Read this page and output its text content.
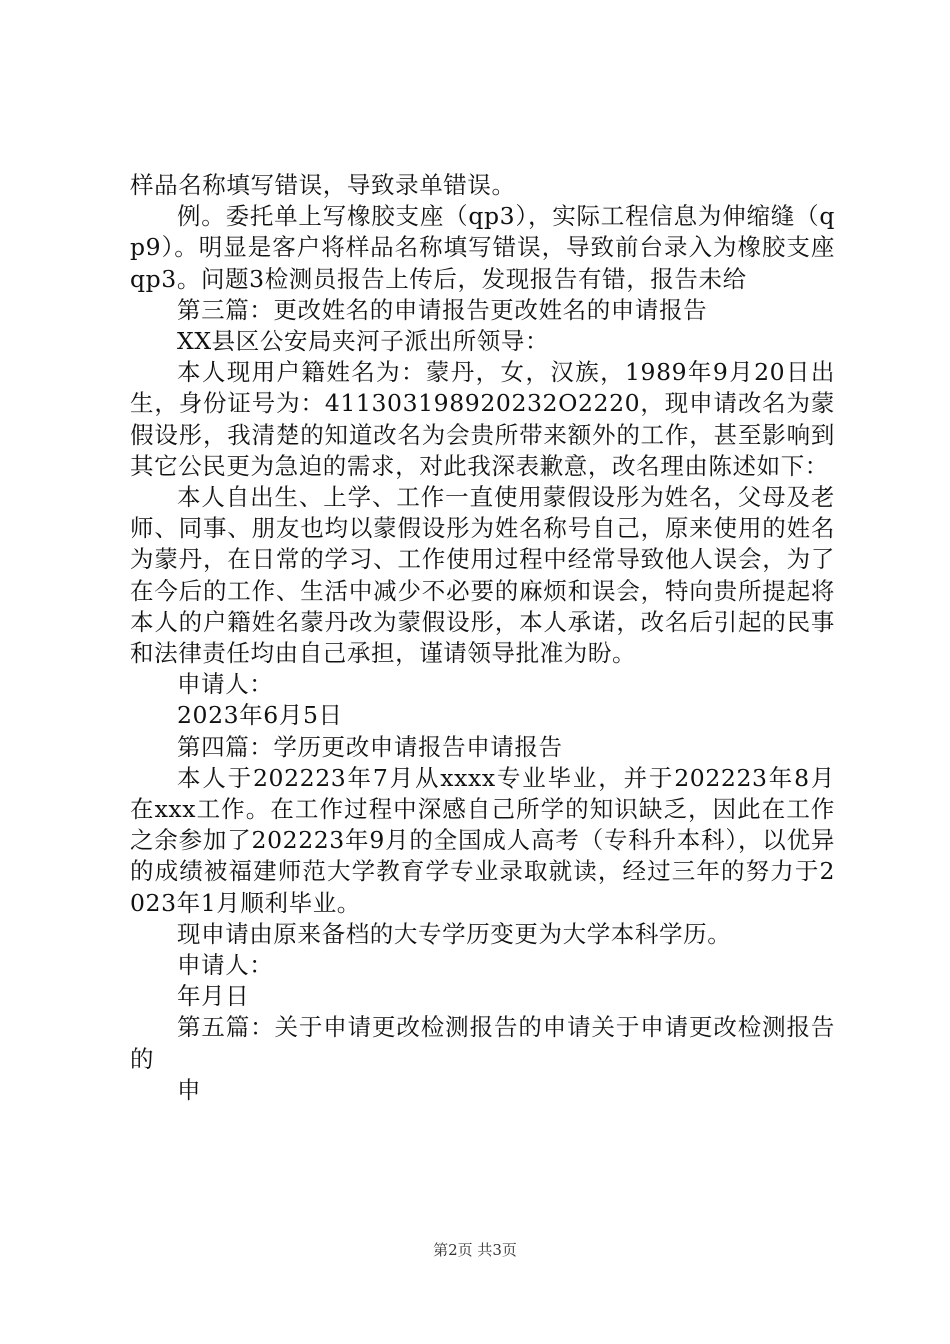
样品名称填写错误，导致录单错误。

例。委托单上写橡胶支座（qp3），实际工程信息为伸缩缝（qp9）。明显是客户将样品名称填写错误，导致前台录入为橡胶支座qp3。问题3检测员报告上传后，发现报告有错，报告未给

第三篇：更改姓名的申请报告更改姓名的申请报告

XX县区公安局夹河子派出所领导：

本人现用户籍姓名为：蒙丹，女，汉族，1989年9月20日出生，身份证号为：411303198920232О2220，现申请改名为蒙假设彤，我清楚的知道改名为会贵所带来额外的工作，甚至影响到其它公民更为急迫的需求，对此我深表歉意，改名理由陈述如下：

本人自出生、上学、工作一直使用蒙假设彤为姓名，父母及老师、同事、朋友也均以蒙假设彤为姓名称号自己，原来使用的姓名为蒙丹，在日常的学习、工作使用过程中经常导致他人误会，为了在今后的工作、生活中减少不必要的麻烦和误会，特向贵所提起将本人的户籍姓名蒙丹改为蒙假设彤，本人承诺，改名后引起的民事和法律责任均由自己承担，谨请领导批准为盼。

申请人：

2023年6月5日

第四篇：学历更改申请报告申请报告

本人于202223年7月从xxxx专业毕业，并于202223年8月在xxx工作。在工作过程中深感自己所学的知识缺乏，因此在工作之余参加了202223年9月的全国成人高考（专科升本科），以优异的成绩被福建师范大学教育学专业录取就读，经过三年的努力于2023年1月顺利毕业。

现申请由原来备档的大专学历变更为大学本科学历。

申请人：

年月日

第五篇：关于申请更改检测报告的申请关于申请更改检测报告的

申

第2页 共3页
